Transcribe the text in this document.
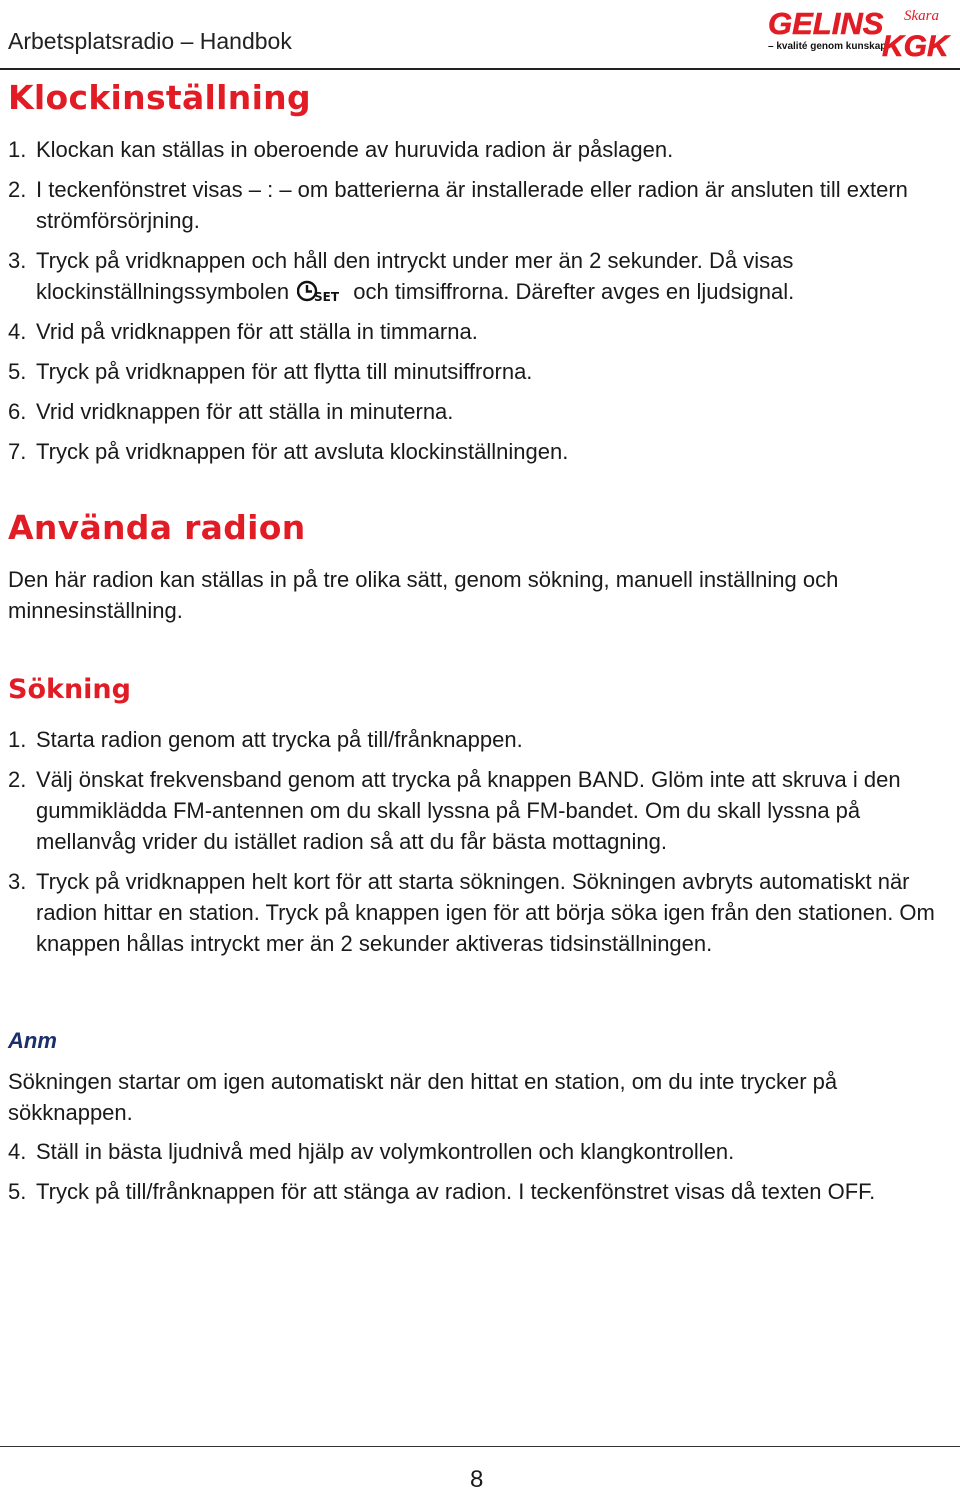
Arbetsplatsradio – Handbok	GELINS Skara
– kvalité genom kunskap –
KGK
Klockinställning
1. Klockan kan ställas in oberoende av huruvida radion är påslagen.
2. I teckenfönstret visas – : – om batterierna är installerade eller radion är ansluten till extern strömförsörjning.
3. Tryck på vridknappen och håll den intryckt under mer än 2 sekunder. Då visas klockinställningssymbolen SET och timsiffrorna. Därefter avges en ljudsignal.
4. Vrid på vridknappen för att ställa in timmarna.
5. Tryck på vridknappen för att flytta till minutsiffrorna.
6. Vrid vridknappen för att ställa in minuterna.
7. Tryck på vridknappen för att avsluta klockinställningen.
Använda radion

Den här radion kan ställas in på tre olika sätt, genom sökning, manuell inställning och minnesinställning.

Sökning
1. Starta radion genom att trycka på till/frånknappen.
2. Välj önskat frekvensband genom att trycka på knappen BAND. Glöm inte att skruva i den gummiklädda FM-antennen om du skall lyssna på FM-bandet. Om du skall lyssna på mellanvåg vrider du istället radion så att du får bästa mottagning.
3. Tryck på vridknappen helt kort för att starta sökningen. Sökningen avbryts automatiskt när radion hittar en station. Tryck på knappen igen för att börja söka igen från den stationen. Om knappen hållas intryckt mer än 2 sekunder aktiveras tidsinställningen.
Anm

Sökningen startar om igen automatiskt när den hittat en station, om du inte trycker på sökknappen.

4. Ställ in bästa ljudnivå med hjälp av volymkontrollen och klangkontrollen.
5. Tryck på till/frånknappen för att stänga av radion. I teckenfönstret visas då texten OFF.
8
